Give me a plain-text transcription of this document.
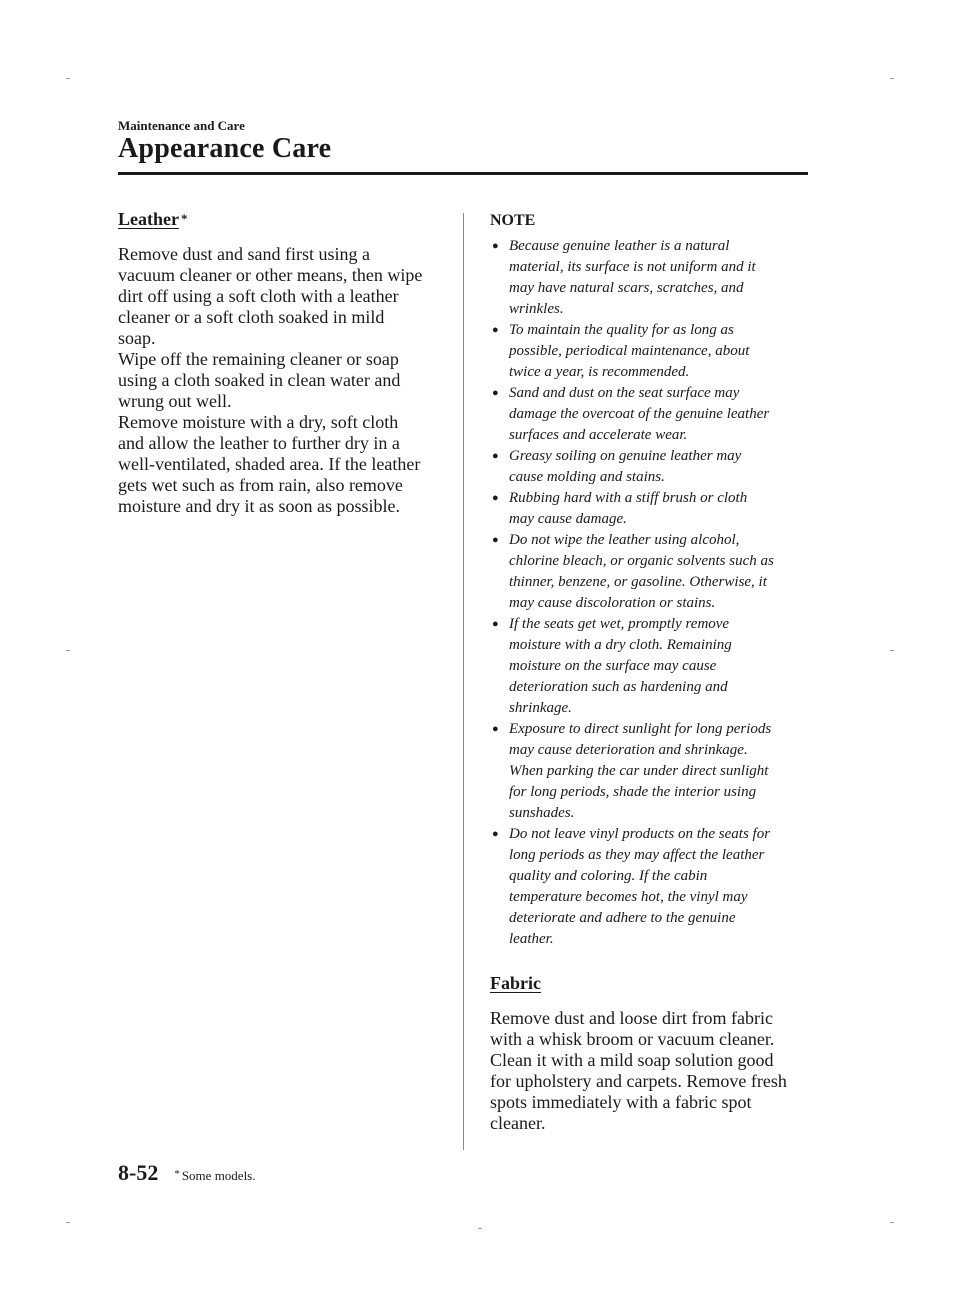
Maintenance and Care
Appearance Care
Leather *

Remove dust and sand first using a
vacuum cleaner or other means, then wipe
dirt off using a soft cloth with a leather
cleaner or a soft cloth soaked in mild
soap.

Wipe off the remaining cleaner or soap
using a cloth soaked in clean water and
wrung out well.

Remove moisture with a dry, soft cloth
and allow the leather to further dry in a
well-ventilated, shaded area. If the leather
gets wet such as from rain, also remove
moisture and dry it as soon as possible.

NOTE
● Because genuine leather is a natural
material, its surface is not uniform and it
may have natural scars, scratches, and
wrinkles.
● To maintain the quality for as long as
possible, periodical maintenance, about
twice a year, is recommended.
● Sand and dust on the seat surface may
damage the overcoat of the genuine leather
surfaces and accelerate wear.
● Greasy soiling on genuine leather may
cause molding and stains.
● Rubbing hard with a stiff brush or cloth
may cause damage.
● Do not wipe the leather using alcohol,
chlorine bleach, or organic solvents such as
thinner, benzene, or gasoline. Otherwise, it
may cause discoloration or stains.
● If the seats get wet, promptly remove
moisture with a dry cloth. Remaining
moisture on the surface may cause
deterioration such as hardening and
shrinkage.
● Exposure to direct sunlight for long periods
may cause deterioration and shrinkage.
When parking the car under direct sunlight
for long periods, shade the interior using
sunshades.
● Do not leave vinyl products on the seats for
long periods as they may affect the leather
quality and coloring. If the cabin
temperature becomes hot, the vinyl may
deteriorate and adhere to the genuine
leather.
Fabric

Remove dust and loose dirt from fabric
with a whisk broom or vacuum cleaner.
Clean it with a mild soap solution good
for upholstery and carpets. Remove fresh
spots immediately with a fabric spot
cleaner.

8-52 * Some models.
